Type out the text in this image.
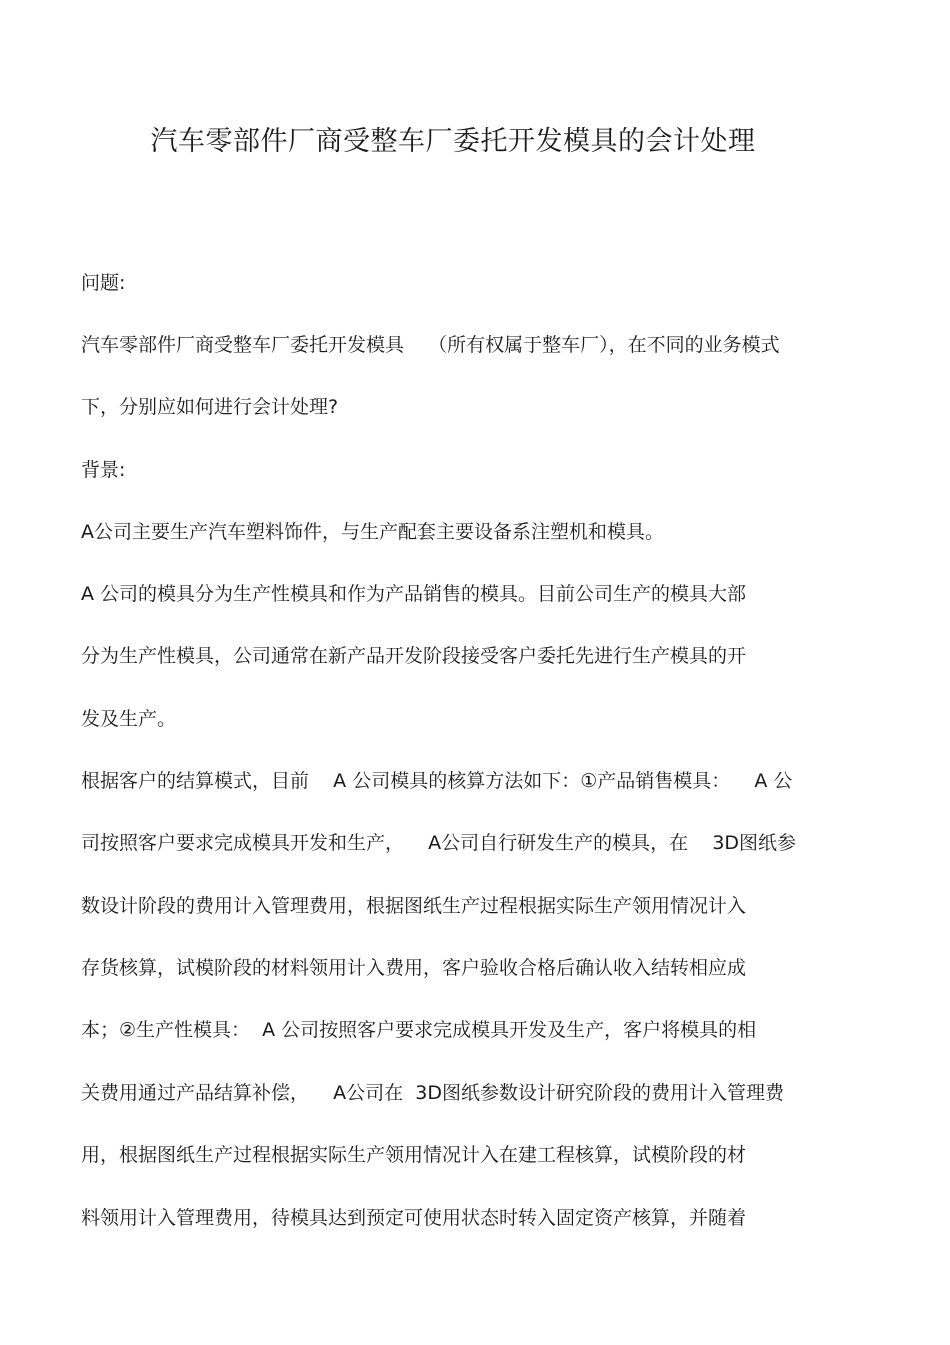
汽车零部件厂商受整车厂委托开发模具的会计处理

问题:

汽车零部件厂商受整车厂委托开发模具    （所有权属于整车厂），在不同的业务模式

下，分别应如何进行会计处理?

背景:

A公司主要生产汽车塑料饰件，与生产配套主要设备系注塑机和模具。

A 公司的模具分为生产性模具和作为产品销售的模具。目前公司生产的模具大部

分为生产性模具，公司通常在新产品开发阶段接受客户委托先进行生产模具的开

发及生产。

根据客户的结算模式，目前    A 公司模具的核算方法如下：①产品销售模具：    A 公

司按照客户要求完成模具开发和生产，    A公司自行研发生产的模具，在    3D图纸参

数设计阶段的费用计入管理费用，根据图纸生产过程根据实际生产领用情况计入

存货核算，试模阶段的材料领用计入费用，客户验收合格后确认收入结转相应成

本；②生产性模具：  A 公司按照客户要求完成模具开发及生产，客户将模具的相

关费用通过产品结算补偿，    A公司在  3D图纸参数设计研究阶段的费用计入管理费

用，根据图纸生产过程根据实际生产领用情况计入在建工程核算，试模阶段的材

料领用计入管理费用，待模具达到预定可使用状态时转入固定资产核算，并随着
